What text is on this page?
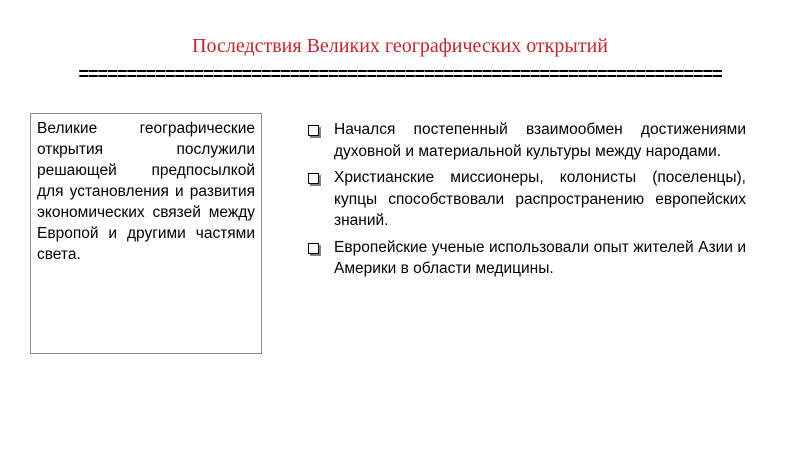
Последствия Великих географических открытий
===================================================================

Великие географические открытия послужили решающей предпосылкой для установления и развития экономических связей между Европой и другими частями света.

Начался постепенный взаимообмен достижениями духовной и материальной культуры между народами.
Христианские миссионеры, колонисты (поселенцы), купцы способствовали распространению европейских знаний.
Европейские ученые использовали опыт жителей Азии и Америки в области медицины.
